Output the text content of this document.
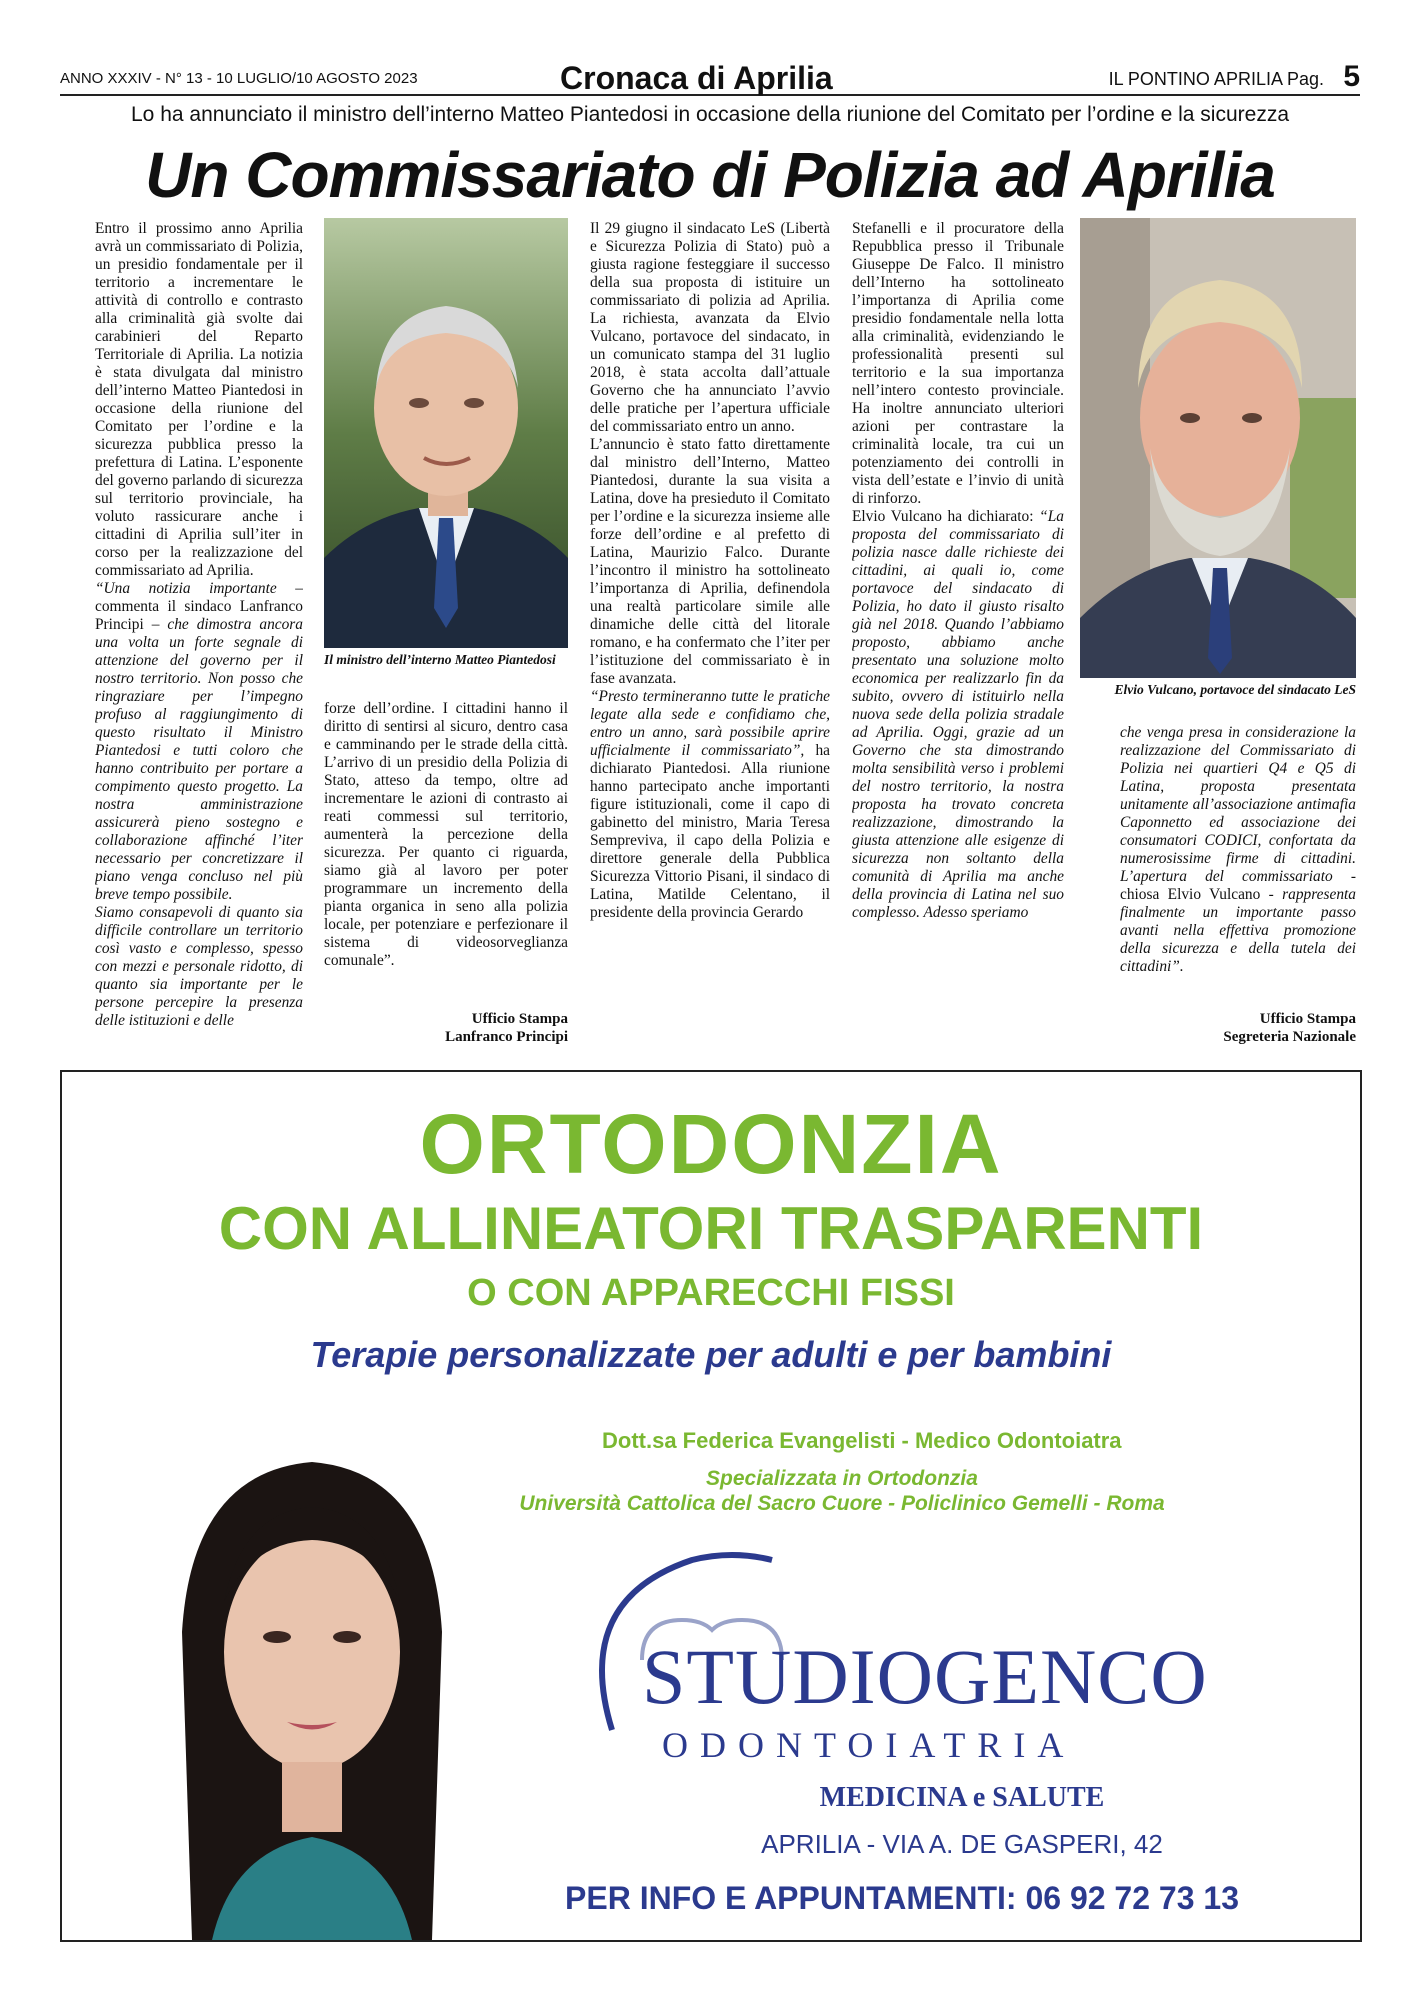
ANNO XXXIV - N° 13 - 10 LUGLIO/10 AGOSTO 2023	Cronaca di Aprilia	IL PONTINO APRILIA Pag. 5
Lo ha annunciato il ministro dell’interno Matteo Piantedosi in occasione della riunione del Comitato per l’ordine e la sicurezza
Un Commissariato di Polizia ad Aprilia

Entro il prossimo anno Aprilia avrà un commissariato di Polizia, un presidio fondamentale per il territorio a incrementare le attività di controllo e contrasto alla criminalità già svolte dai carabinieri del Reparto Territoriale di Aprilia. La notizia è stata divulgata dal ministro dell’interno Matteo Piantedosi in occasione della riunione del Comitato per l’ordine e la sicurezza pubblica presso la prefettura di Latina. L’esponente del governo parlando di sicurezza sul territorio provinciale, ha voluto rassicurare anche i cittadini di Aprilia sull’iter in corso per la realizzazione del commissariato ad Aprilia.

“Una notizia importante – commenta il sindaco Lanfranco Principi – che dimostra ancora una volta un forte segnale di attenzione del governo per il nostro territorio. Non posso che ringraziare per l’impegno profuso al raggiungimento di questo risultato il Ministro Piantedosi e tutti coloro che hanno contribuito per portare a compimento questo progetto. La nostra amministrazione assicurerà pieno sostegno e collaborazione affinché l’iter necessario per concretizzare il piano venga concluso nel più breve tempo possibile.

Siamo consapevoli di quanto sia difficile controllare un territorio così vasto e complesso, spesso con mezzi e personale ridotto, di quanto sia importante per le persone percepire la presenza delle istituzioni e delle

Il ministro dell’interno Matteo Piantedosi
forze dell’ordine. I cittadini hanno il diritto di sentirsi al sicuro, dentro casa e camminando per le strade della città. L’arrivo di un presidio della Polizia di Stato, atteso da tempo, oltre ad incrementare le azioni di contrasto ai reati commessi sul territorio, aumenterà la percezione della sicurezza. Per quanto ci riguarda, siamo già al lavoro per poter programmare un incremento della pianta organica in seno alla polizia locale, per potenziare e perfezionare il sistema di videosorveglianza comunale”.
Ufficio Stampa
Lanfranco Principi

Il 29 giugno il sindacato LeS (Libertà e Sicurezza Polizia di Stato) può a giusta ragione festeggiare il successo della sua proposta di istituire un commissariato di polizia ad Aprilia. La richiesta, avanzata da Elvio Vulcano, portavoce del sindacato, in un comunicato stampa del 31 luglio 2018, è stata accolta dall’attuale Governo che ha annunciato l’avvio delle pratiche per l’apertura ufficiale del commissariato entro un anno.

L’annuncio è stato fatto direttamente dal ministro dell’Interno, Matteo Piantedosi, durante la sua visita a Latina, dove ha presieduto il Comitato per l’ordine e la sicurezza insieme alle forze dell’ordine e al prefetto di Latina, Maurizio Falco. Durante l’incontro il ministro ha sottolineato l’importanza di Aprilia, definendola una realtà particolare simile alle dinamiche delle città del litorale romano, e ha confermato che l’iter per l’istituzione del commissariato è in fase avanzata.

“Presto termineranno tutte le pratiche legate alla sede e confidiamo che, entro un anno, sarà possibile aprire ufficialmente il commissariato”, ha dichiarato Piantedosi. Alla riunione hanno partecipato anche importanti figure istituzionali, come il capo di gabinetto del ministro, Maria Teresa Sempreviva, il capo della Polizia e direttore generale della Pubblica Sicurezza Vittorio Pisani, il sindaco di Latina, Matilde Celentano, il presidente della provincia Gerardo

Stefanelli e il procuratore della Repubblica presso il Tribunale Giuseppe De Falco. Il ministro dell’Interno ha sottolineato l’importanza di Aprilia come presidio fondamentale nella lotta alla criminalità, evidenziando le professionalità presenti sul territorio e la sua importanza nell’intero contesto provinciale. Ha inoltre annunciato ulteriori azioni per contrastare la criminalità locale, tra cui un potenziamento dei controlli in vista dell’estate e l’invio di unità di rinforzo.

Elvio Vulcano ha dichiarato: “La proposta del commissariato di polizia nasce dalle richieste dei cittadini, ai quali io, come portavoce del sindacato di Polizia, ho dato il giusto risalto già nel 2018. Quando l’abbiamo proposto, abbiamo anche presentato una soluzione molto economica per realizzarlo fin da subito, ovvero di istituirlo nella nuova sede della polizia stradale ad Aprilia. Oggi, grazie ad un Governo che sta dimostrando molta sensibilità verso i problemi del nostro territorio, la nostra proposta ha trovato concreta realizzazione, dimostrando la giusta attenzione alle esigenze di sicurezza non soltanto della comunità di Aprilia ma anche della provincia di Latina nel suo complesso. Adesso speriamo

Elvio Vulcano, portavoce del sindacato LeS
che venga presa in considerazione la realizzazione del Commissariato di Polizia nei quartieri Q4 e Q5 di Latina, proposta presentata unitamente all’associazione antimafia Caponnetto ed associazione dei consumatori CODICI, confortata da numerosissime firme di cittadini. L’apertura del commissariato - chiosa Elvio Vulcano - rappresenta finalmente un importante passo avanti nella effettiva promozione della sicurezza e della tutela dei cittadini”.
Ufficio Stampa
Segreteria Nazionale
ORTODONZIA
CON ALLINEATORI TRASPARENTI
O CON APPARECCHI FISSI
Terapie personalizzate per adulti e per bambini
Dott.sa Federica Evangelisti - Medico Odontoiatra
Specializzata in Ortodonzia
Università Cattolica del Sacro Cuore - Policlinico Gemelli - Roma
STUDIOGENCO
ODONTOIATRIA
MEDICINA e SALUTE
APRILIA - VIA A. DE GASPERI, 42
PER INFO E APPUNTAMENTI: 06 92 72 73 13
